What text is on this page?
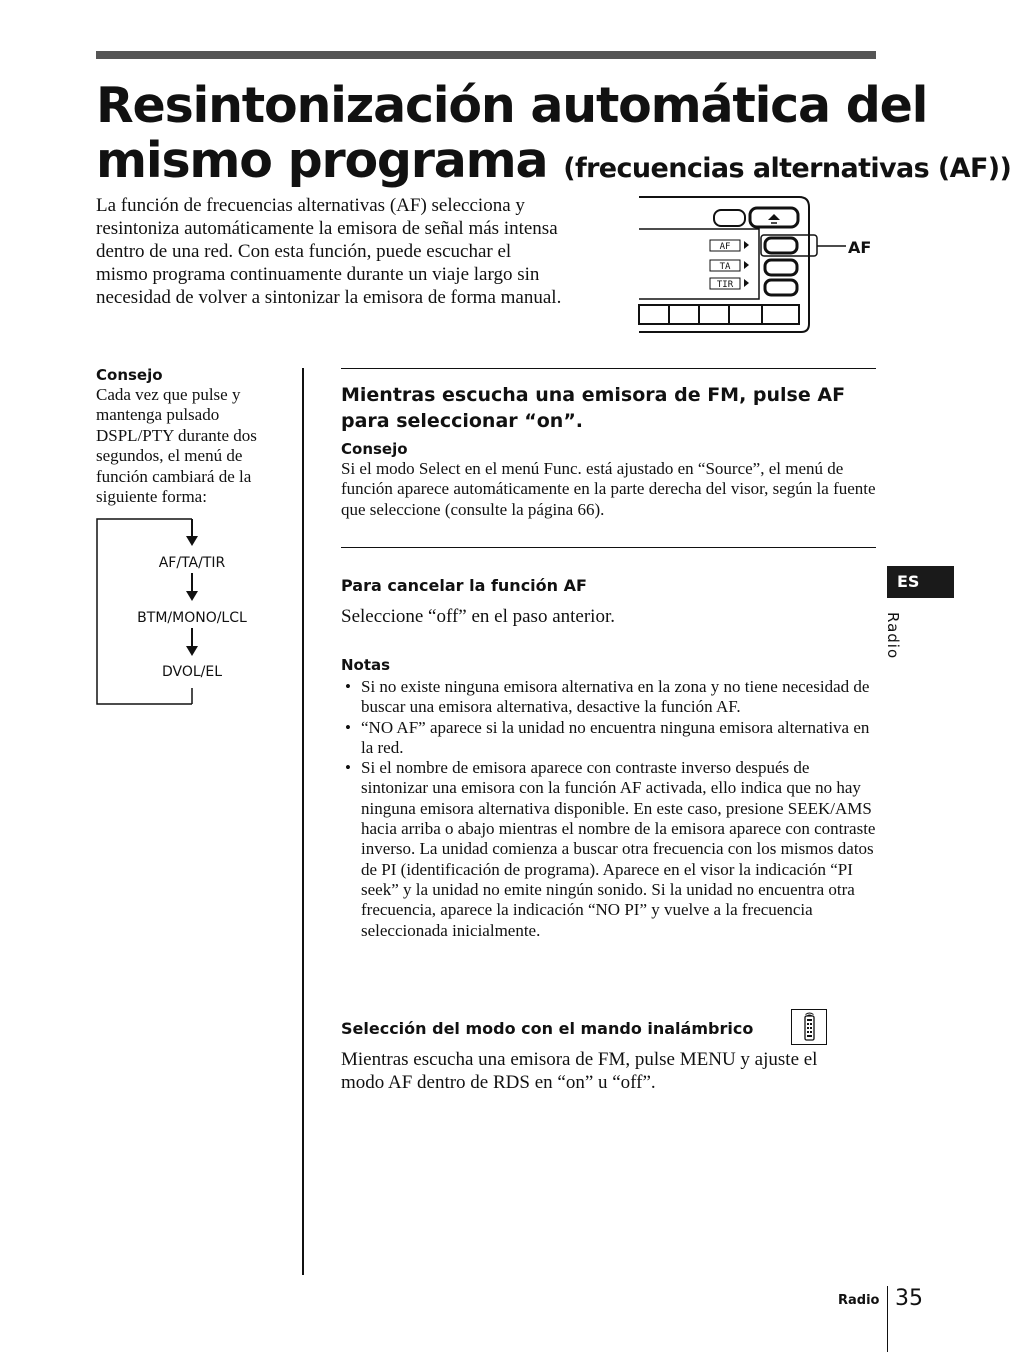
Resintonización automática del
mismo programa (frecuencias alternativas (AF))
La función de frecuencias alternativas (AF) selecciona y resintoniza automáticamente la emisora de señal más intensa dentro de una red. Con esta función, puede escuchar el mismo programa continuamente durante un viaje largo sin necesidad de volver a sintonizar la emisora de forma manual.
AF
TA
TIR
AF
Consejo
Cada vez que pulse y mantenga pulsado DSPL/PTY durante dos segundos, el menú de función cambiará de la siguiente forma:
AF/TA/TIR
BTM/MONO/LCL
DVOL/EL
Mientras escucha una emisora de FM, pulse AF para seleccionar “on”.
Consejo
Si el modo Select en el menú Func. está ajustado en “Source”, el menú de función aparece automáticamente en la parte derecha del visor, según la fuente que seleccione (consulte la página 66).
Para cancelar la función AF
Seleccione “off” en el paso anterior.
Notas
• Si no existe ninguna emisora alternativa en la zona y no tiene necesidad de buscar una emisora alternativa, desactive la función AF.
• “NO AF” aparece si la unidad no encuentra ninguna emisora alternativa en la red.
• Si el nombre de emisora aparece con contraste inverso después de sintonizar una emisora con la función AF activada, ello indica que no hay ninguna emisora alternativa disponible. En este caso, presione SEEK/AMS hacia arriba o abajo mientras el nombre de la emisora aparece con contraste inverso. La unidad comienza a buscar otra frecuencia con los mismos datos de PI (identificación de programa). Aparece en el visor la indicación “PI seek” y la unidad no emite ningún sonido. Si la unidad no encuentra otra frecuencia, aparece la indicación “NO PI” y vuelve a la frecuencia seleccionada inicialmente.
Selección del modo con el mando inalámbrico
Mientras escucha una emisora de FM, pulse MENU y ajuste el modo AF dentro de RDS en “on” u “off”.
ES
Radio
Radio 35
